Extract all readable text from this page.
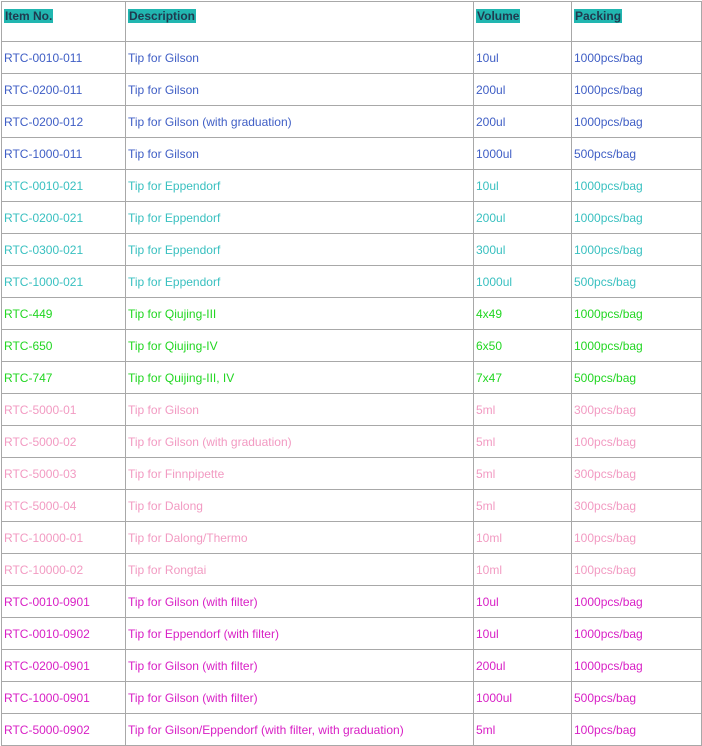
Item No.	Description	Volume	Packing
RTC-0010-011	Tip for Gilson	10ul	1000pcs/bag
RTC-0200-011	Tip for Gilson	200ul	1000pcs/bag
RTC-0200-012	Tip for Gilson (with graduation)	200ul	1000pcs/bag
RTC-1000-011	Tip for Gilson	1000ul	500pcs/bag
RTC-0010-021	Tip for Eppendorf	10ul	1000pcs/bag
RTC-0200-021	Tip for Eppendorf	200ul	1000pcs/bag
RTC-0300-021	Tip for Eppendorf	300ul	1000pcs/bag
RTC-1000-021	Tip for Eppendorf	1000ul	500pcs/bag
RTC-449	Tip for Qiujing-III	4x49	1000pcs/bag
RTC-650	Tip for Qiujing-IV	6x50	1000pcs/bag
RTC-747	Tip for Quijing-III, IV	7x47	500pcs/bag
RTC-5000-01	Tip for Gilson	5ml	300pcs/bag
RTC-5000-02	Tip for Gilson (with graduation)	5ml	100pcs/bag
RTC-5000-03	Tip for Finnpipette	5ml	300pcs/bag
RTC-5000-04	Tip for Dalong	5ml	300pcs/bag
RTC-10000-01	Tip for Dalong/Thermo	10ml	100pcs/bag
RTC-10000-02	Tip for Rongtai	10ml	100pcs/bag
RTC-0010-0901	Tip for Gilson (with filter)	10ul	1000pcs/bag
RTC-0010-0902	Tip for Eppendorf (with filter)	10ul	1000pcs/bag
RTC-0200-0901	Tip for Gilson (with filter)	200ul	1000pcs/bag
RTC-1000-0901	Tip for Gilson (with filter)	1000ul	500pcs/bag
RTC-5000-0902	Tip for Gilson/Eppendorf (with filter, with graduation)	5ml	100pcs/bag
